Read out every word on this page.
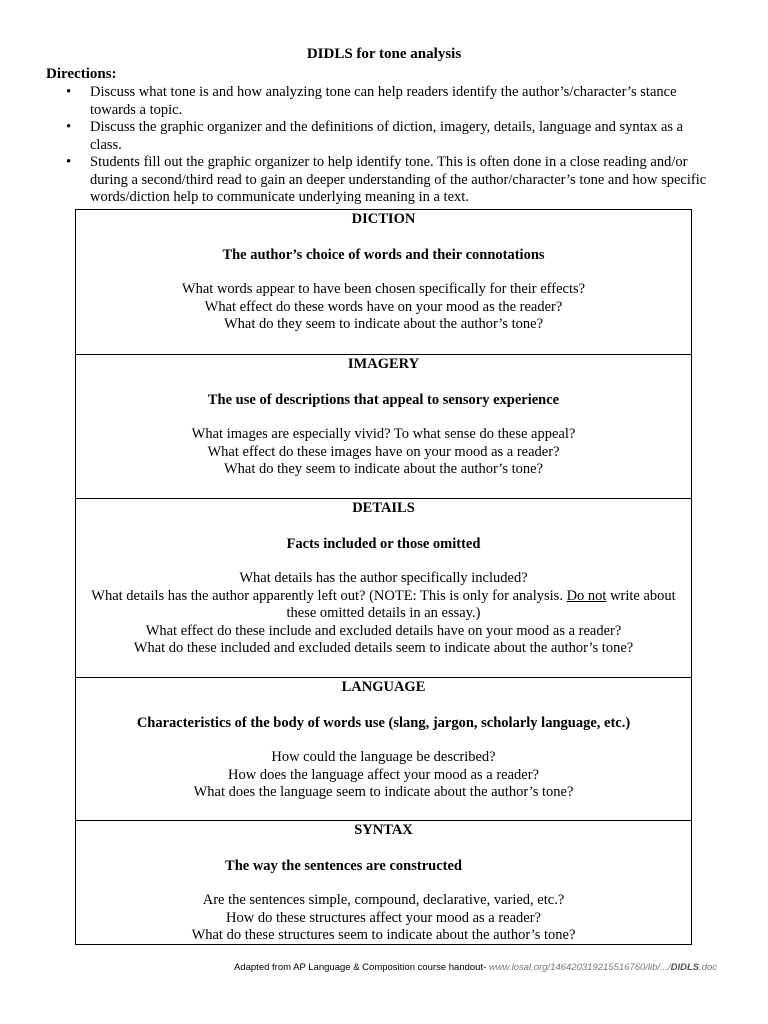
DIDLS for tone analysis
Directions:
• Discuss what tone is and how analyzing tone can help readers identify the author’s/character’s stance towards a topic.
• Discuss the graphic organizer and the definitions of diction, imagery, details, language and syntax as a class.
• Students fill out the graphic organizer to help identify tone. This is often done in a close reading and/or during a second/third read to gain an deeper understanding of the author/character’s tone and how specific words/diction help to communicate underlying meaning in a text.
DICTION
The author’s choice of words and their connotations
What words appear to have been chosen specifically for their effects?
What effect do these words have on your mood as the reader?
What do they seem to indicate about the author’s tone?
IMAGERY
The use of descriptions that appeal to sensory experience
What images are especially vivid? To what sense do these appeal?
What effect do these images have on your mood as a reader?
What do they seem to indicate about the author’s tone?
DETAILS
Facts included or those omitted
What details has the author specifically included?
What details has the author apparently left out? (NOTE: This is only for analysis. Do not write about these omitted details in an essay.)
What effect do these include and excluded details have on your mood as a reader?
What do these included and excluded details seem to indicate about the author’s tone?
LANGUAGE
Characteristics of the body of words use (slang, jargon, scholarly language, etc.)
How could the language be described?
How does the language affect your mood as a reader?
What does the language seem to indicate about the author’s tone?
SYNTAX
The way the sentences are constructed
Are the sentences simple, compound, declarative, varied, etc.?
How do these structures affect your mood as a reader?
What do these structures seem to indicate about the author’s tone?
Adapted from AP Language & Composition course handout- www.losal.org/146420319215516760/lib/.../DIDLS.doc
